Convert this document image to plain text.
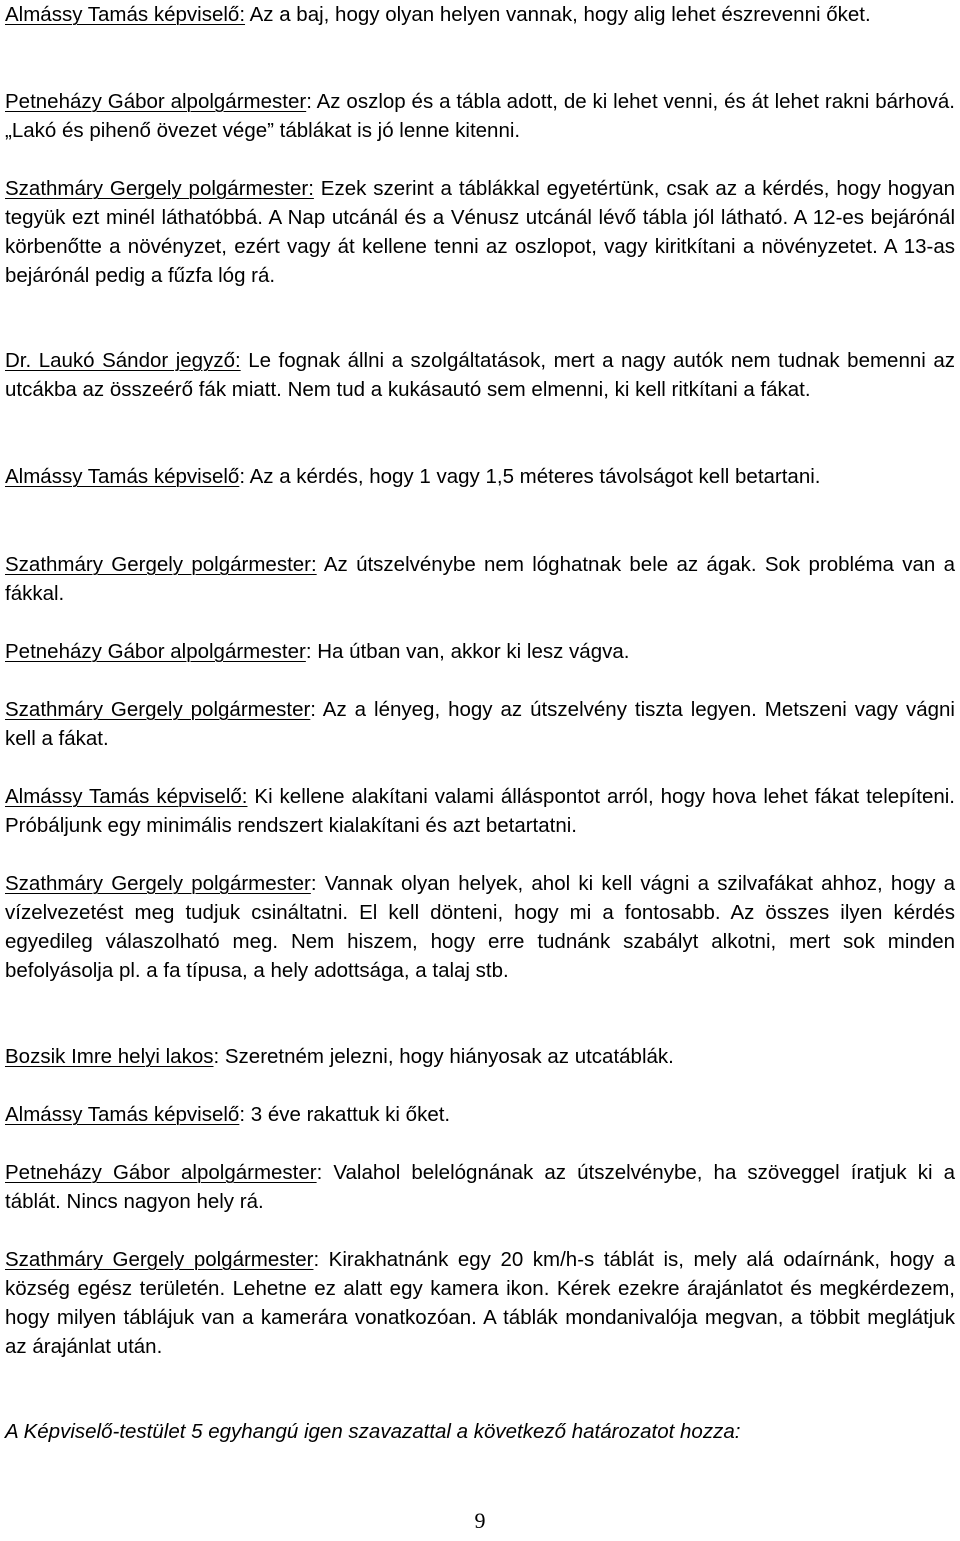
Almássy Tamás képviselő: Az a baj, hogy olyan helyen vannak, hogy alig lehet észrevenni őket.

Petneházy Gábor alpolgármester: Az oszlop és a tábla adott, de ki lehet venni, és át lehet rakni bárhová. „Lakó és pihenő övezet vége” táblákat is jó lenne kitenni.

Szathmáry Gergely polgármester: Ezek szerint a táblákkal egyetértünk, csak az a kérdés, hogy hogyan tegyük ezt minél láthatóbbá. A Nap utcánál és a Vénusz utcánál lévő tábla jól látható. A 12-es bejárónál körbenőtte a növényzet, ezért vagy át kellene tenni az oszlopot, vagy kiritkítani a növényzetet. A 13-as bejárónál pedig a fűzfa lóg rá.

Dr. Laukó Sándor jegyző: Le fognak állni a szolgáltatások, mert a nagy autók nem tudnak bemenni az utcákba az összeérő fák miatt. Nem tud a kukásautó sem elmenni, ki kell ritkítani a fákat.

Almássy Tamás képviselő: Az a kérdés, hogy 1 vagy 1,5 méteres távolságot kell betartani.

Szathmáry Gergely polgármester: Az útszelvénybe nem lóghatnak bele az ágak. Sok probléma van a fákkal.

Petneházy Gábor alpolgármester: Ha útban van, akkor ki lesz vágva.

Szathmáry Gergely polgármester: Az a lényeg, hogy az útszelvény tiszta legyen. Metszeni vagy vágni kell a fákat.

Almássy Tamás képviselő: Ki kellene alakítani valami álláspontot arról, hogy hova lehet fákat telepíteni. Próbáljunk egy minimális rendszert kialakítani és azt betartatni.

Szathmáry Gergely polgármester: Vannak olyan helyek, ahol ki kell vágni a szilvafákat ahhoz, hogy a vízelvezetést meg tudjuk csináltatni. El kell dönteni, hogy mi a fontosabb. Az összes ilyen kérdés egyedileg válaszolható meg. Nem hiszem, hogy erre tudnánk szabályt alkotni, mert sok minden befolyásolja pl. a fa típusa, a hely adottsága, a talaj stb.

Bozsik Imre helyi lakos: Szeretném jelezni, hogy hiányosak az utcatáblák.

Almássy Tamás képviselő: 3 éve rakattuk ki őket.

Petneházy Gábor alpolgármester: Valahol belelógnának az útszelvénybe, ha szöveggel íratjuk ki a táblát. Nincs nagyon hely rá.

Szathmáry Gergely polgármester: Kirakhatnánk egy 20 km/h-s táblát is, mely alá odaírnánk, hogy a község egész területén. Lehetne ez alatt egy kamera ikon. Kérek ezekre árajánlatot és megkérdezem, hogy milyen táblájuk van a kamerára vonatkozóan. A táblák mondanivalója megvan, a többit meglátjuk az árajánlat után.

A Képviselő-testület 5 egyhangú igen szavazattal a következő határozatot hozza:

9
